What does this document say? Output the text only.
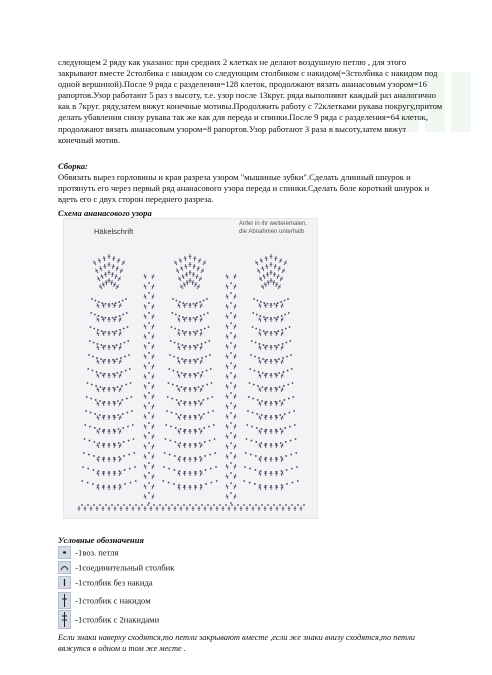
следующем 2 ряду как указано: при средних 2 клетках не делают воздушную петлю , для этого закрывают вместе 2столбика с накидом со следующим столбиком с накидом(=3столбика с накидом под одной вершиной).После 9 ряда с разделения=128 клеток, продолжают вязать ананасовым узором=16 рапортов.Узор работают 5 раз з высоту, т.е. узор после 13круг. ряда выполняют каждый раз аналогично как в 7круг. ряду,затем вяжут конечные мотивы.Продолжить работу с 72клетками рукава покругу,притом делать убавления снизу рукава так же как для переда и спинки.После 9 ряда с разделения=64 клеток, продолжают вязать ананасовым узором=8 рапортов.Узор работают 3 раза в высоту,затем вяжут конечный мотив.

Сборка:
Обвязать вырез горловины и края разреза узором "мышиные зубки".Сделать длинный шнурок и протянуть его через первый ряд ананасового узора переда и спинки.Сделать боле короткий шнурок и вдеть его с двух сторон переднего разреза.
Схема ананасового узора
Häkelschrift
Anfer in ihr weiteremalen,
die Abnahmen unterhalb
Условные обозначения
-1воз. петля
-1соединительный столбик
-1столбик без накида
-1столбик с накидом
-1столбик с 2накидами
Если знаки наверху сходятся,то петли закрывают вместе ,если же знаки внизу сходятся,то петли вяжутся в одном и том же месте .
